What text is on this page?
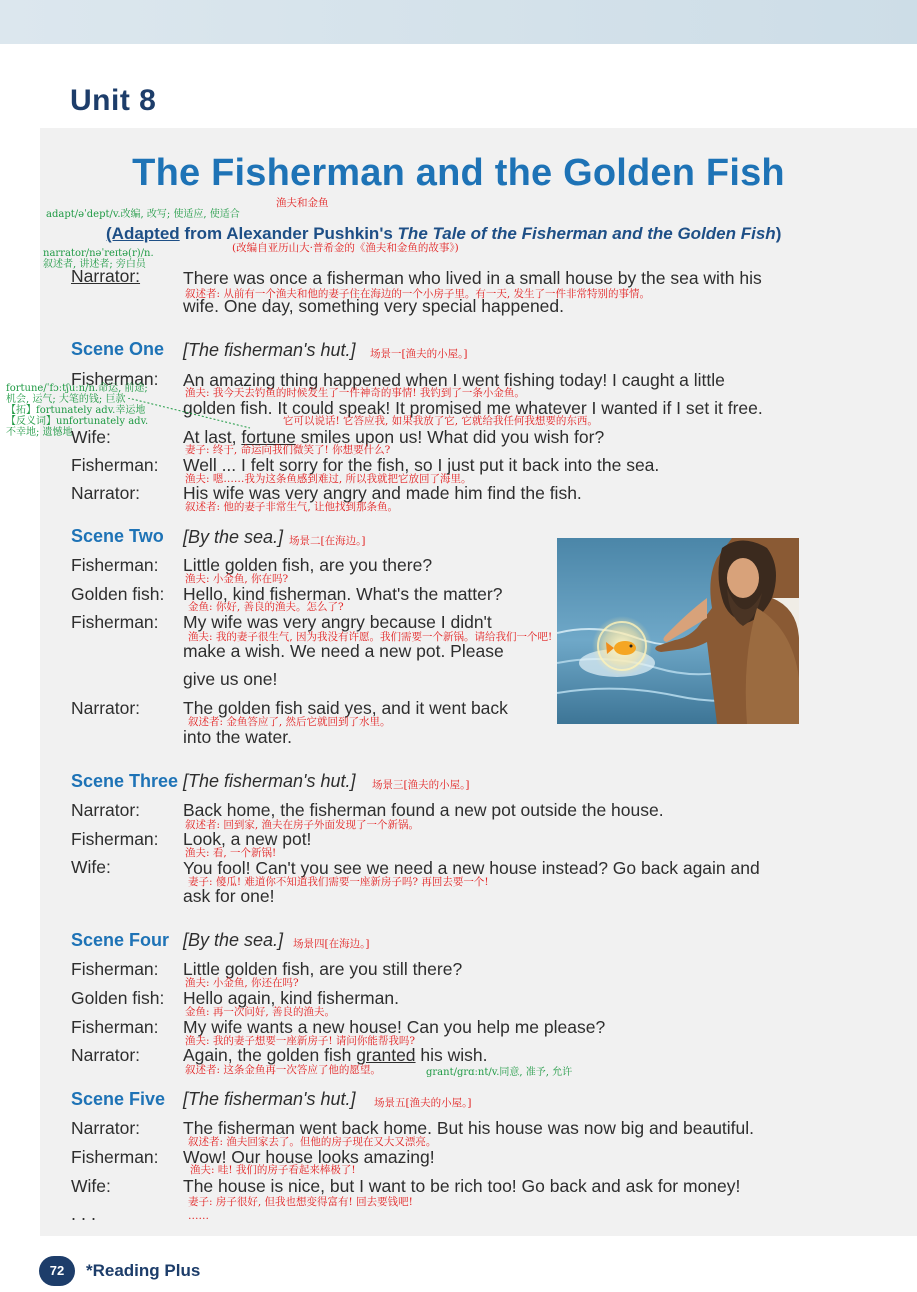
Unit 8
The Fisherman and the Golden Fish
渔夫和金鱼
adapt/əˈdept/v.改编, 改写; 使适应, 使适合
(Adapted from Alexander Pushkin's The Tale of the Fisherman and the Golden Fish)
(改编自亚历山大·普希金的《渔夫和金鱼的故事》)
narrator/nəˈreɪtə(r)/n.
叙述者, 讲述者; 旁白员
Narrator: There was once a fisherman who lived in a small house by the sea with his
叙述者: 从前有一个渔夫和他的妻子住在海边的一个小房子里。有一天, 发生了一件非常特别的事情。
wife. One day, something very special happened.
Scene One [The fisherman's hut.] 场景一[渔夫的小屋。]
Fisherman: An amazing thing happened when I went fishing today! I caught a little
渔夫: 我今天去钓鱼的时候发生了一件神奇的事情! 我钓到了一条小金鱼。
golden fish. It could speak! It promised me whatever I wanted if I set it free.
它可以说话! 它答应我, 如果我放了它, 它就给我任何我想要的东西。
fortune/ˈfɔːtʃuːn/n.命运, 前途;
机会, 运气; 大笔的钱; 巨款
【拓】fortunately adv.幸运地
【反义词】unfortunately adv.
不幸地; 遗憾地
Wife:	At last, fortune smiles upon us! What did you wish for?
妻子: 终于, 命运向我们微笑了! 你想要什么?
Fisherman: Well ... I felt sorry for the fish, so I just put it back into the sea.
渔夫: 嗯……我为这条鱼感到难过, 所以我就把它放回了海里。
Narrator: His wife was very angry and made him find the fish.
叙述者: 他的妻子非常生气, 让他找到那条鱼。
Scene Two [By the sea.] 场景二[在海边。]
Fisherman: Little golden fish, are you there?
渔夫: 小金鱼, 你在吗?
Golden fish: Hello, kind fisherman. What's the matter?
金鱼: 你好, 善良的渔夫。怎么了?
Fisherman: My wife was very angry because I didn't
渔夫: 我的妻子很生气, 因为我没有许愿。我们需要一个新锅。请给我们一个吧!
make a wish. We need a new pot. Please
give us one!
Narrator: The golden fish said yes, and it went back
叙述者: 金鱼答应了, 然后它就回到了水里。
into the water.
Scene Three [The fisherman's hut.] 场景三[渔夫的小屋。]
Narrator: Back home, the fisherman found a new pot outside the house.
叙述者: 回到家, 渔夫在房子外面发现了一个新锅。
Fisherman: Look, a new pot!
渔夫: 看, 一个新锅!
Wife:	You fool! Can't you see we need a new house instead? Go back again and
妻子: 傻瓜! 难道你不知道我们需要一座新房子吗? 再回去要一个!
ask for one!
Scene Four [By the sea.] 场景四[在海边。]
Fisherman: Little golden fish, are you still there?
渔夫: 小金鱼, 你还在吗?
Golden fish: Hello again, kind fisherman.
金鱼: 再一次问好, 善良的渔夫。
Fisherman: My wife wants a new house! Can you help me please?
渔夫: 我的妻子想要一座新房子! 请问你能帮我吗?
Narrator: Again, the golden fish granted his wish.
叙述者: 这条金鱼再一次答应了他的愿望。	grant/grɑːnt/v.同意, 准予, 允许
Scene Five [The fisherman's hut.] 场景五[渔夫的小屋。]
Narrator: The fisherman went back home. But his house was now big and beautiful.
叙述者: 渔夫回家去了。但他的房子现在又大又漂亮。
Fisherman: Wow! Our house looks amazing!
渔夫: 哇! 我们的房子看起来棒极了!
Wife:	The house is nice, but I want to be rich too! Go back and ask for money!
妻子: 房子很好, 但我也想变得富有! 回去要钱吧!
. . .	……
72	*Reading Plus
